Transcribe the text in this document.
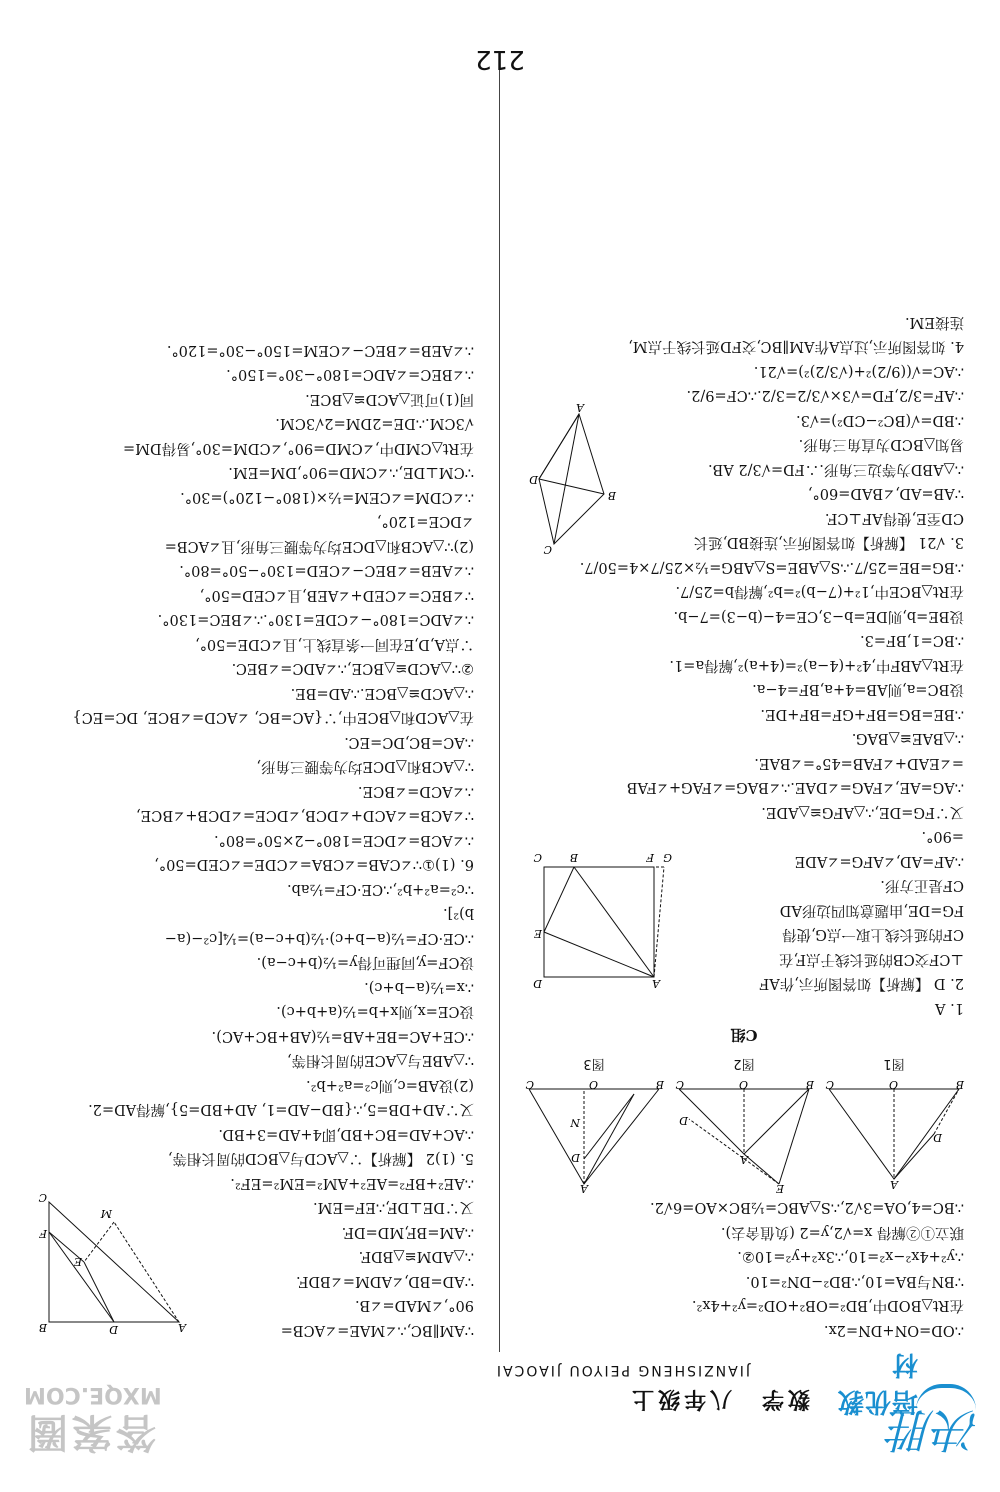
决胜
培优教材
数学　八年级上
JIANZISHENG PEIYOU JIAOCAI
答案圈
MXQE.COM
∴OD=ON+DN=2x.
在Rt△BOD中,BD²=OB²+OD²=y²+4x².
∵BN与BA=10,∴BD²−DN²=10.
∴y²+4x²−x²=10,∴3x²+y²=10②.
联立①②解得 x=√2,y=2 (负值舍去).
∴BC=4,OA=3√2,∴S△ABC=½BC×AO=6√2.
A
B
C	O
D
图1
A
B
C	O
E
D
图2
A
B
C	O
D
N
图3
C组
A
D
E
B
C	F G
1. A
2. D 【解析】如答图所示,作AF
⊥CF交CB的延长线于点F,在
CF的延长线上取一点G,使得
FG=DE,由题意知四边形AD
CF是正方形.
∴AF=AD,∠AFG=∠ADE
=90°.
又∵FG=DE,∴△AFG≌△ADE.
∴AG=AE,∠FAG=∠DAE.∴∠BAG=∠FAG+∠FAB
=∠EAD+∠FAB=45°=∠BAE.
∴△BAE≌△BAG.
∴BE=BG=BF+GF=BF+DE.
设BC=a,则AB=4+a,BF=4−a.
在Rt△ABF中,4²+(4−a)²=(4+a)²,解得a=1.
∴BC=1,BF=3.
设BE=b,则DE=b−3,CE=4−(b−3)=7−b.
在Rt△BCE中,1²+(7−b)²=b²,解得b=25/7.
∴BG=BE=25/7.∴S△ABE=S△ABG=½×25/7×4=50/7.
A
B
C
D
3. √21 【解析】如答图所示,连接BD,延长
CD至E,使得AF⊥CF.
∵AB=AD,∠BAD=60°,
∴△ABD为等边三角形.∴FD=√3/2 AB.
易知△BCD为直角三角形.
∴BD=√(BC²−CD²)=√3.
∴AF=3/2,FD=√3×√3/2=3/2.∴CF=9/2.
∴AC=√((9/2)²+(√3/2)²)=√21.
4. 如答图所示,过点A作AM∥BC,交FD延长线于点M,
连接EM.
C
B	A
D
E
F
M
∵AM∥BC,∴∠MAE=∠ACB=
90°,∠MAD=∠B.
∵AD=BD,∠ADM=∠BDF.
∴△ADM≌△BDF.
∴AM=BF,MD=DF.
又∵DE⊥DF,∴EF=EM.
∴AE²+BF²=AE²+AM²=EM²=EF².
5. (1)2 【解析】∵△ACD与△BCD的周长相等,
∴AC+AD=BC+BD,即4+AD=3+BD.
又∵AD+DB=5,∴{BD−AD=1, AD+BD=5},解得AD=2.
(2)设AB=c,则c²=a²+b².
∵△ABE与△ACE的周长相等,
∴CE+AC=BE+AB=½(AB+BC+AC).
设CE=x,则x+b=½(a+b+c).
∴x=½(a−b+c).
设CF=y,同理可得y=½(b+c−a).
∴CE·CF=½(a−b+c)·½(b+c−a)=¼[c²−(a−
b)²].
∵c²=a²+b²,∴CE·CF=½ab.
6. (1)①∵∠CAB=∠CBA=∠CDE=∠CED=50°,
∴∠ACB=∠DCE=180°−2×50°=80°.
∵∠ACB=∠ACD+∠DCB,∠DCE=∠DCB+∠BCE,
∴∠ACD=∠BCE.
∵△ACB和△DCE均为等腰三角形,
∴AC=BC,DC=EC.
在△ACD和△BCE中,∵{AC=BC, ∠ACD=∠BCE, DC=EC}
∴△ACD≌△BCE.∴AD=BE.
②∵△ACD≌△BCE,∴∠ADC=∠BEC.
∵点A,D,E在同一条直线上,且∠CDE=50°,
∴∠ADC=180°−∠CDE=130°.∴∠BEC=130°.
∵∠BEC=∠CED+∠AEB,且∠CED=50°,
∴∠AEB=∠BEC−∠CED=130°−50°=80°.
(2)∵△ACB和△DCE均为等腰三角形,且∠ACB=
∠DCE=120°,
∴∠CDM=∠CEM=½×(180°−120°)=30°.
∵CM⊥DE,∴∠CMD=90°,DM=EM.
在Rt△CMD中,∠CMD=90°,∠CDM=30°,易得DM=
√3CM.∴DE=2DM=2√3CM.
同(1)可证△ACD≌△BCE.
∴∠BEC=∠ADC=180°−30°=150°.
∴∠AEB=∠BEC−∠CEM=150°−30°=120°.
212
